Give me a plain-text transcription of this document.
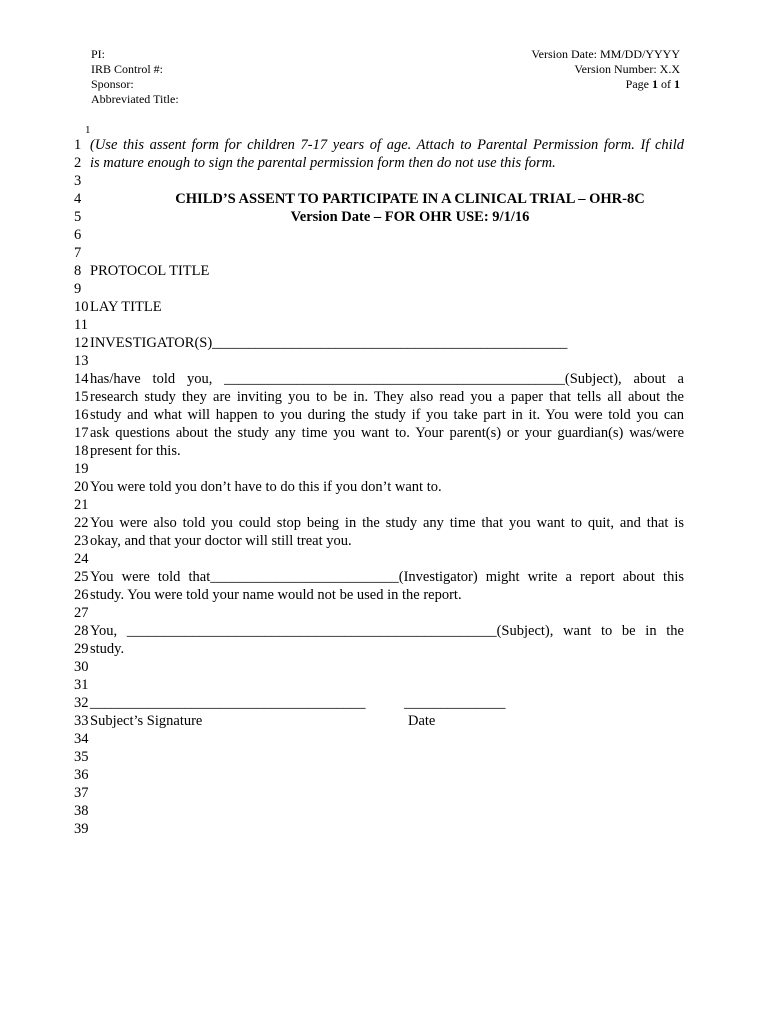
PI:
IRB Control #:
Sponsor:
Abbreviated Title:
Version Date: MM/DD/YYYY
Version Number: X.X
Page 1 of 1
1
1 (Use this assent form for children 7-17 years of age. Attach to Parental Permission form. If child
2 is mature enough to sign the parental permission form then do not use this form.
3
4	CHILD’S ASSENT TO PARTICIPATE IN A CLINICAL TRIAL – OHR-8C
5	Version Date – FOR OHR USE: 9/1/16
6
7
8 PROTOCOL TITLE
9
10 LAY TITLE
11
12 INVESTIGATOR(S)_________________________________________________
13
14 has/have told you, _______________________________________________(Subject), about a
15 research study they are inviting you to be in. They also read you a paper that tells all about the
16 study and what will happen to you during the study if you take part in it. You were told you can
17 ask questions about the study any time you want to. Your parent(s) or your guardian(s) was/were
18 present for this.
19
20 You were told you don’t have to do this if you don’t want to.
21
22 You were also told you could stop being in the study any time that you want to quit, and that is
23 okay, and that your doctor will still treat you.
24
25 You were told that__________________________(Investigator) might write a report about this
26 study. You were told your name would not be used in the report.
27
28 You, ___________________________________________________(Subject), want to be in the
29 study.
30
31
32 ______________________________________	______________
33 Subject’s Signature	Date
34
35
36
37
38
39
